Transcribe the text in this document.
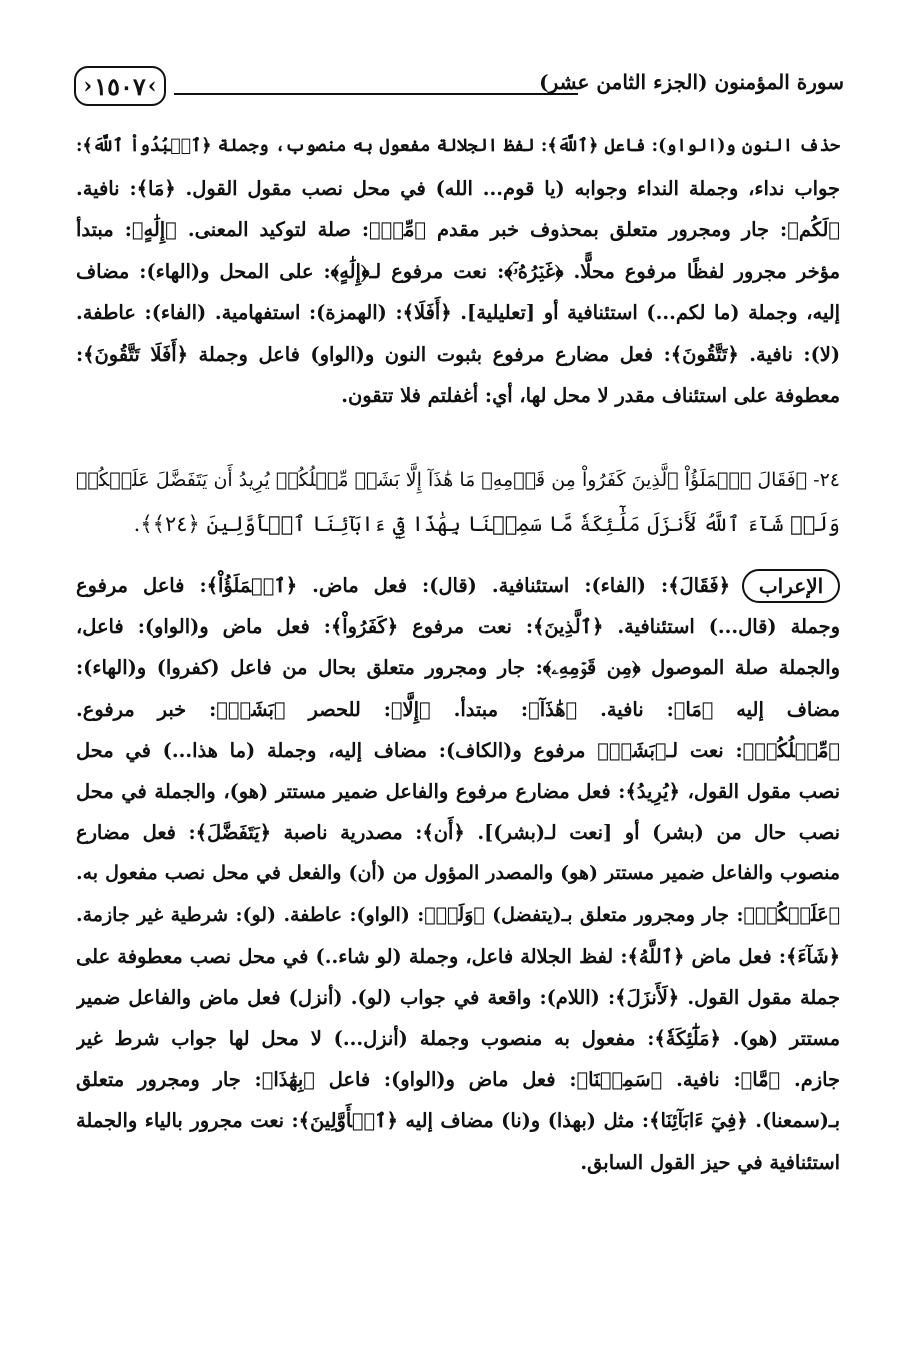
›
١٥٠٧
‹	سورة المؤمنون (الجزء الثامن عشر)
حذف النون و(الواو): فاعل ﴿ٱللَّهَ﴾: لفظ الجلالة مفعول به منصوب، وجملة ﴿ٱعۡبُدُواْ ٱللَّهَ﴾:
جواب نداء، وجملة النداء وجوابه (يا قوم... الله) في محل نصب مقول القول. ﴿مَا﴾: نافية.
﴿لَكُم﴾: جار ومجرور متعلق بمحذوف خبر مقدم ﴿مِّنۡ﴾: صلة لتوكيد المعنى. ﴿إِلَٰهٍ﴾: مبتدأ
مؤخر مجرور لفظًا مرفوع محلًّا. ﴿غَيۡرُهُۥٓ﴾: نعت مرفوع لـ﴿إِلَٰهٍ﴾: على المحل و(الهاء): مضاف
إليه، وجملة (ما لكم...) استئنافية أو [تعليلية]. ﴿أَفَلَا﴾: (الهمزة): استفهامية. (الفاء): عاطفة.
(لا): نافية. ﴿تَتَّقُونَ﴾: فعل مضارع مرفوع بثبوت النون و(الواو) فاعل وجملة ﴿أَفَلَا تَتَّقُونَ﴾:
معطوفة على استئناف مقدر لا محل لها، أي: أغفلتم فلا تتقون.
٢٤- ﴿فَقَالَ ٱلۡمَلَؤُاْ ٱلَّذِينَ كَفَرُواْ مِن قَوۡمِهِۦ مَا هَٰذَآ إِلَّا بَشَرٞ مِّثۡلُكُمۡ يُرِيدُ أَن يَتَفَضَّلَ عَلَيۡكُمۡ
وَلَوۡ شَآءَ ٱللَّهُ لَأَنزَلَ مَلَٰٓئِكَةٗ مَّا سَمِعۡنَا بِهَٰذَا فِيٓ ءَابَآئِنَا ٱلۡأَوَّلِينَ ﴿٢٤﴾﴾.
الإعراب
﴿فَقَالَ﴾: (الفاء): استئنافية. (قال): فعل ماض. ﴿ٱلۡمَلَؤُاْ﴾: فاعل مرفوع
وجملة (قال...) استئنافية. ﴿ٱلَّذِينَ﴾: نعت مرفوع ﴿كَفَرُواْ﴾: فعل ماض و(الواو): فاعل،
والجملة صلة الموصول ﴿مِن قَوۡمِهِۦ﴾: جار ومجرور متعلق بحال من فاعل (كفروا) و(الهاء):
مضاف إليه ﴿مَا﴾: نافية. ﴿هَٰذَآ﴾: مبتدأ. ﴿إِلَّا﴾: للحصر ﴿بَشَرٞ﴾: خبر مرفوع.
﴿مِّثۡلُكُمۡ﴾: نعت لـ﴿بَشَرٞ﴾ مرفوع و(الكاف): مضاف إليه، وجملة (ما هذا...) في محل
نصب مقول القول، ﴿يُرِيدُ﴾: فعل مضارع مرفوع والفاعل ضمير مستتر (هو)، والجملة في محل
نصب حال من (بشر) أو [نعت لـ(بشر)]. ﴿أَن﴾: مصدرية ناصبة ﴿يَتَفَضَّلَ﴾: فعل مضارع
منصوب والفاعل ضمير مستتر (هو) والمصدر المؤول من (أن) والفعل في محل نصب مفعول به.
﴿عَلَيۡكُمۡ﴾: جار ومجرور متعلق بـ(يتفضل) ﴿وَلَوۡ﴾: (الواو): عاطفة. (لو): شرطية غير جازمة.
﴿شَآءَ﴾: فعل ماض ﴿ٱللَّهُ﴾: لفظ الجلالة فاعل، وجملة (لو شاء..) في محل نصب معطوفة على
جملة مقول القول. ﴿لَأَنزَلَ﴾: (اللام): واقعة في جواب (لو). (أنزل) فعل ماض والفاعل ضمير
مستتر (هو). ﴿مَلَٰٓئِكَةٗ﴾: مفعول به منصوب وجملة (أنزل...) لا محل لها جواب شرط غير
جازم. ﴿مَّا﴾: نافية. ﴿سَمِعۡنَا﴾: فعل ماض و(الواو): فاعل ﴿بِهَٰذَا﴾: جار ومجرور متعلق
بـ(سمعنا). ﴿فِيٓ ءَابَآئِنَا﴾: مثل (بهذا) و(نا) مضاف إليه ﴿ٱلۡأَوَّلِينَ﴾: نعت مجرور بالياء والجملة
استئنافية في حيز القول السابق.
